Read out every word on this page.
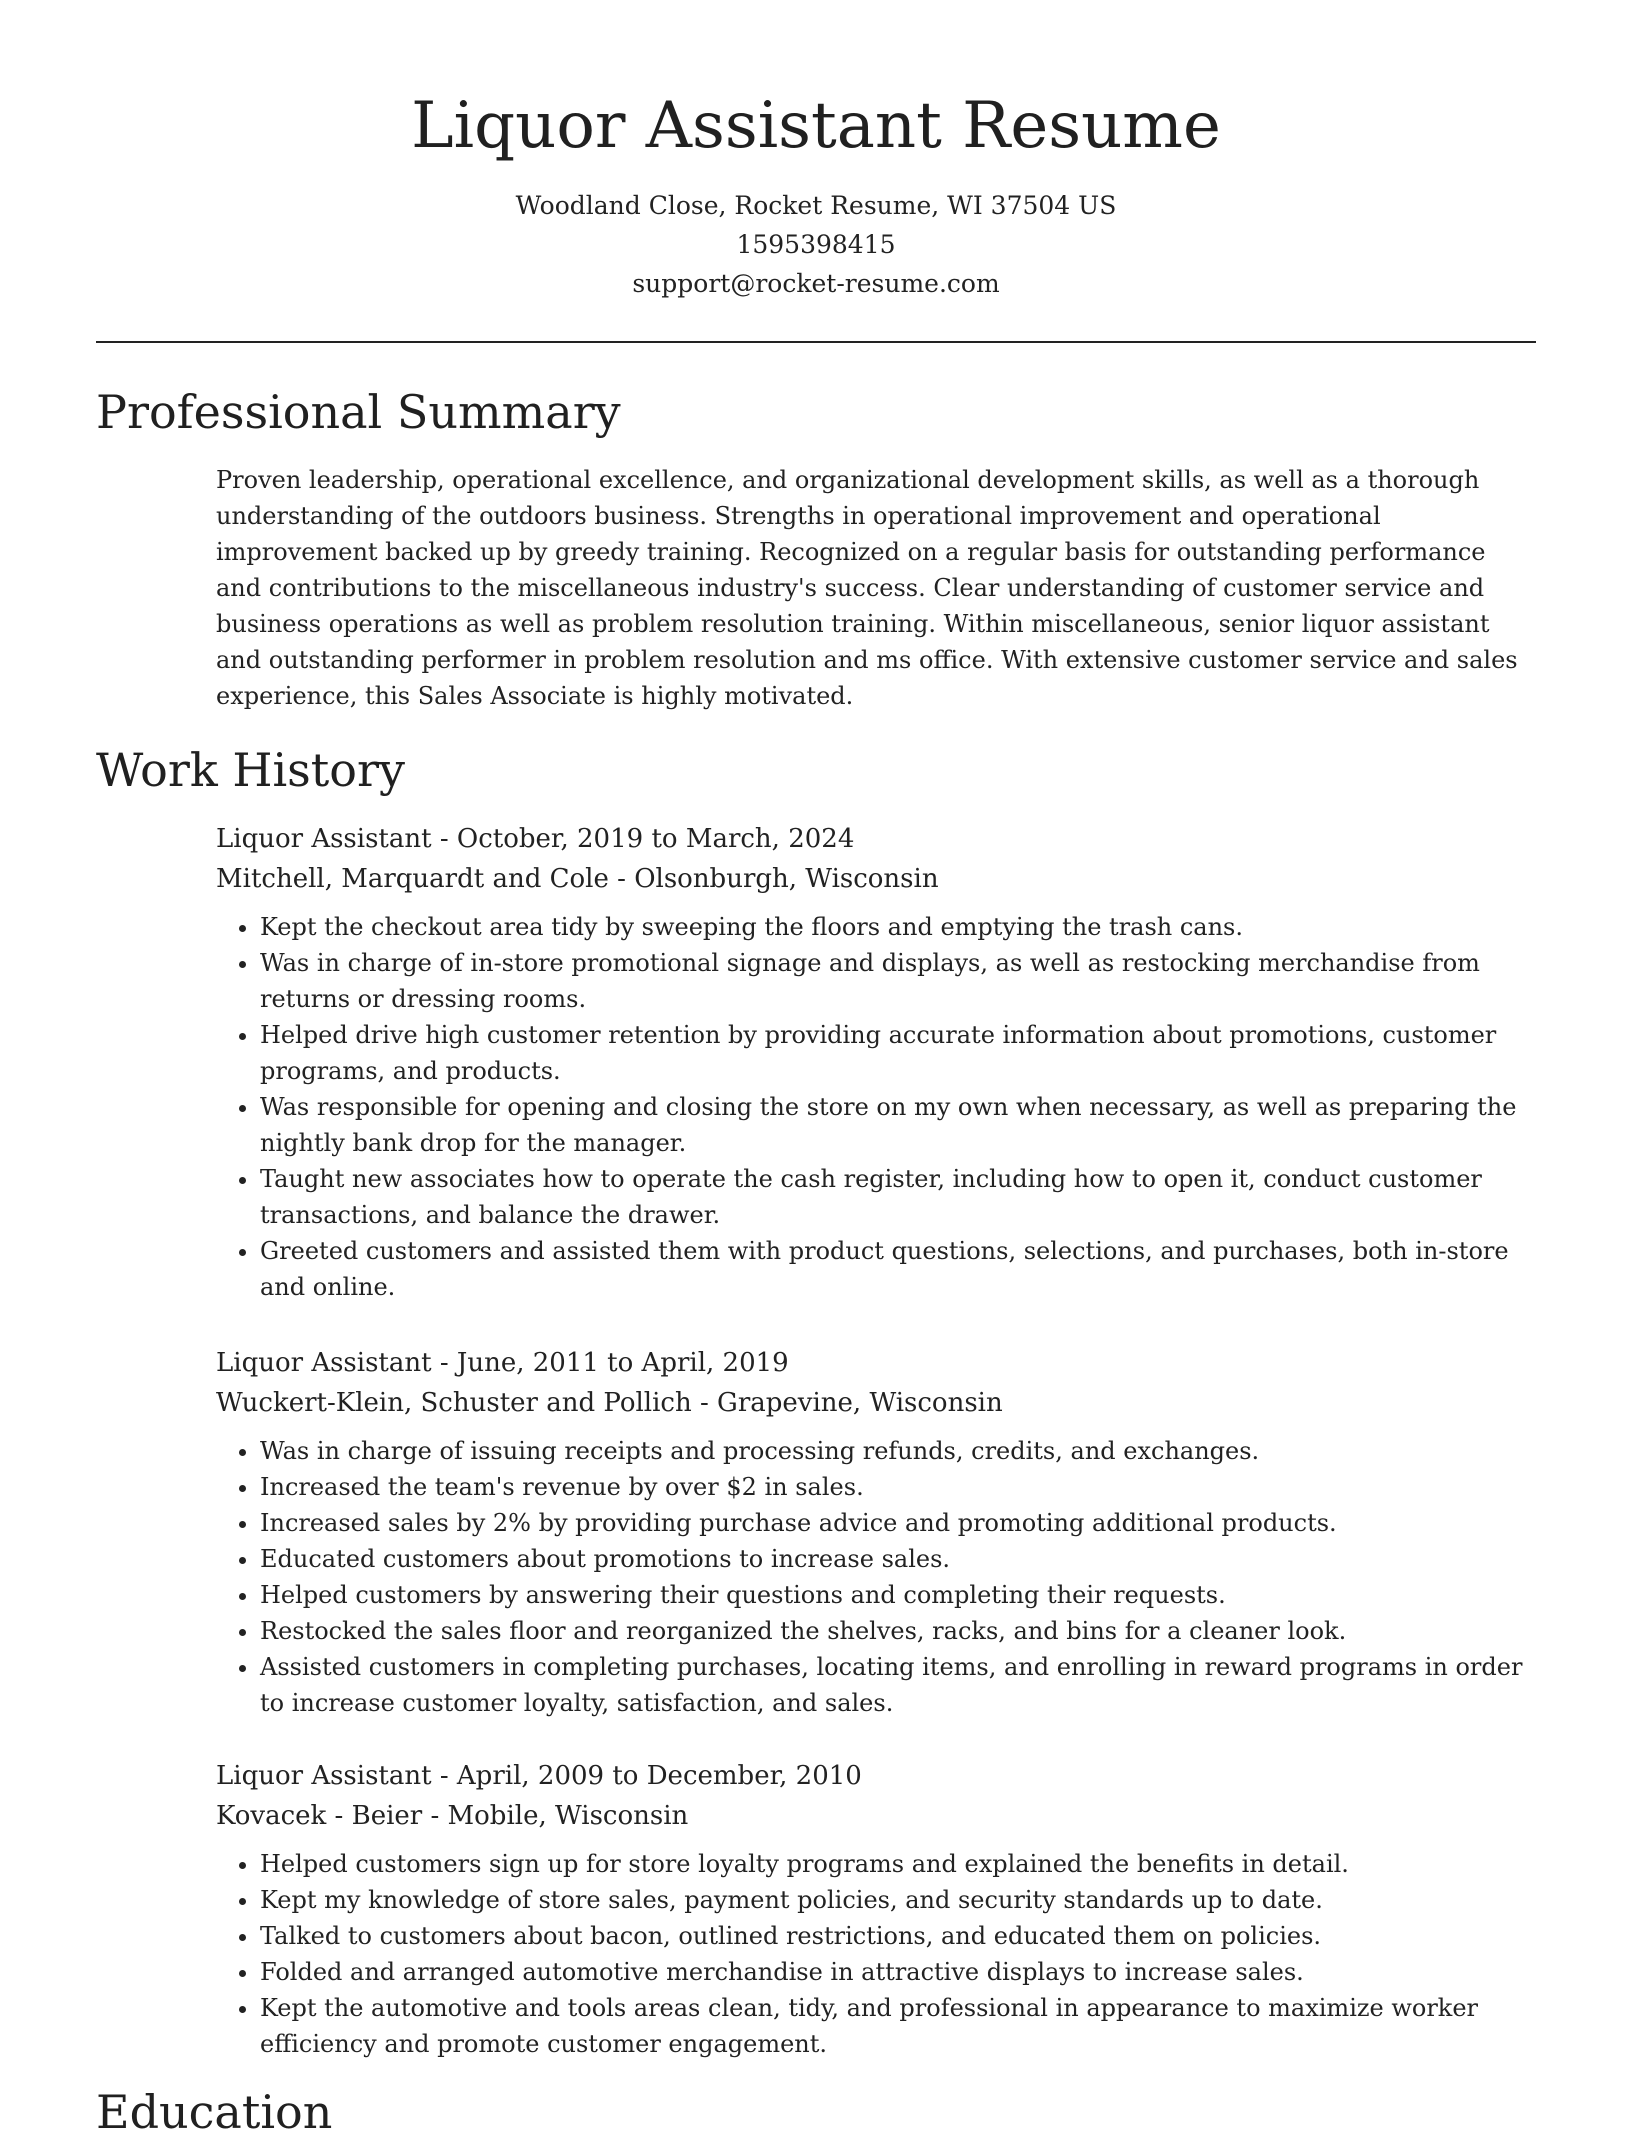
Liquor Assistant Resume
Woodland Close, Rocket Resume, WI 37504 US
1595398415
support@rocket-resume.com
Professional Summary

Proven leadership, operational excellence, and organizational development skills, as well as a thorough understanding of the outdoors business. Strengths in operational improvement and operational improvement backed up by greedy training. Recognized on a regular basis for outstanding performance and contributions to the miscellaneous industry's success. Clear understanding of customer service and business operations as well as problem resolution training. Within miscellaneous, senior liquor assistant and outstanding performer in problem resolution and ms office. With extensive customer service and sales experience, this Sales Associate is highly motivated.

Work History

Liquor Assistant - October, 2019 to March, 2024

Mitchell, Marquardt and Cole - Olsonburgh, Wisconsin

• Kept the checkout area tidy by sweeping the floors and emptying the trash cans.
• Was in charge of in-store promotional signage and displays, as well as restocking merchandise from returns or dressing rooms.
• Helped drive high customer retention by providing accurate information about promotions, customer programs, and products.
• Was responsible for opening and closing the store on my own when necessary, as well as preparing the nightly bank drop for the manager.
• Taught new associates how to operate the cash register, including how to open it, conduct customer transactions, and balance the drawer.
• Greeted customers and assisted them with product questions, selections, and purchases, both in-store and online.

Liquor Assistant - June, 2011 to April, 2019

Wuckert-Klein, Schuster and Pollich - Grapevine, Wisconsin

• Was in charge of issuing receipts and processing refunds, credits, and exchanges.
• Increased the team's revenue by over $2 in sales.
• Increased sales by 2% by providing purchase advice and promoting additional products.
• Educated customers about promotions to increase sales.
• Helped customers by answering their questions and completing their requests.
• Restocked the sales floor and reorganized the shelves, racks, and bins for a cleaner look.
• Assisted customers in completing purchases, locating items, and enrolling in reward programs in order to increase customer loyalty, satisfaction, and sales.

Liquor Assistant - April, 2009 to December, 2010

Kovacek - Beier - Mobile, Wisconsin

• Helped customers sign up for store loyalty programs and explained the benefits in detail.
• Kept my knowledge of store sales, payment policies, and security standards up to date.
• Talked to customers about bacon, outlined restrictions, and educated them on policies.
• Folded and arranged automotive merchandise in attractive displays to increase sales.
• Kept the automotive and tools areas clean, tidy, and professional in appearance to maximize worker efficiency and promote customer engagement.
Education
